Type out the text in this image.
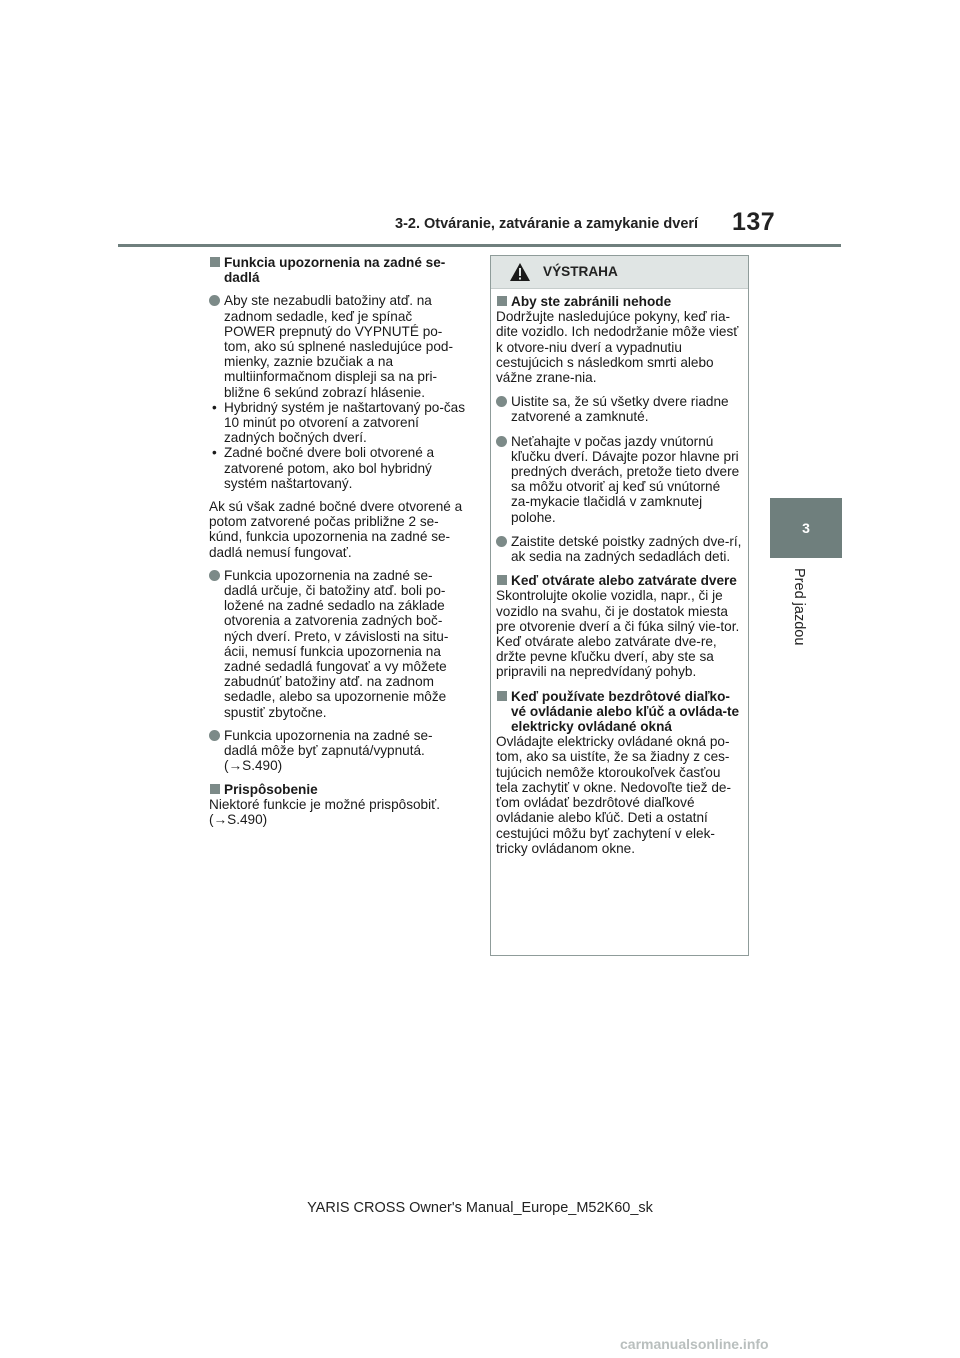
3-2. Otváranie, zatváranie a zamykanie dverí 137
3
Pred jazdou
Funkcia upozornenia na zadné se-dadlá
Aby ste nezabudli batožiny atď. na zadnom sedadle, keď je spínač POWER prepnutý do VYPNUTÉ po-tom, ako sú splnené nasledujúce pod-mienky, zaznie bzučiak a na multiinformačnom displeji sa na pri-bližne 6 sekúnd zobrazí hlásenie.
• Hybridný systém je naštartovaný po-čas 10 minút po otvorení a zatvorení zadných bočných dverí.
• Zadné bočné dvere boli otvorené a zatvorené potom, ako bol hybridný systém naštartovaný.
Ak sú však zadné bočné dvere otvorené a potom zatvorené počas približne 2 se-kúnd, funkcia upozornenia na zadné se-dadlá nemusí fungovať.
Funkcia upozornenia na zadné se-dadlá určuje, či batožiny atď. boli po-ložené na zadné sedadlo na základe otvorenia a zatvorenia zadných boč-ných dverí. Preto, v závislosti na situ-ácii, nemusí funkcia upozornenia na zadné sedadlá fungovať a vy môžete zabudnúť batožiny atď. na zadnom sedadle, alebo sa upozornenie môže spustiť zbytočne.
Funkcia upozornenia na zadné se-dadlá môže byť zapnutá/vypnutá. (→S.490)
Prispôsobenie
Niektoré funkcie je možné prispôsobiť. (→S.490)
VÝSTRAHA
Aby ste zabránili nehode
Dodržujte nasledujúce pokyny, keď ria-dite vozidlo. Ich nedodržanie môže viesť k otvore-niu dverí a vypadnutiu cestujúcich s následkom smrti alebo vážne zrane-nia.
Uistite sa, že sú všetky dvere riadne zatvorené a zamknuté.
Neťahajte v počas jazdy vnútornú kľučku dverí. Dávajte pozor hlavne pri predných dverách, pretože tieto dvere sa môžu otvoriť aj keď sú vnútorné za-mykacie tlačidlá v zamknutej polohe.
Zaistite detské poistky zadných dve-rí, ak sedia na zadných sedadlách deti.
Keď otvárate alebo zatvárate dvere
Skontrolujte okolie vozidla, napr., či je vozidlo na svahu, či je dostatok miesta pre otvorenie dverí a či fúka silný vie-tor. Keď otvárate alebo zatvárate dve-re, držte pevne kľučku dverí, aby ste sa pripravili na nepredvídaný pohyb.
Keď používate bezdrôtové diaľko-vé ovládanie alebo kľúč a ovláda-te elektricky ovládané okná
Ovládajte elektricky ovládané okná po-tom, ako sa uistíte, že sa žiadny z ces-tujúcich nemôže ktoroukoľvek časťou tela zachytiť v okne. Nedovoľte tiež de-ťom ovládať bezdrôtové diaľkové ovládanie alebo kľúč. Deti a ostatní cestujúci môžu byť zachytení v elek-tricky ovládanom okne.
YARIS CROSS Owner's Manual_Europe_M52K60_sk
carmanualsonline.info
